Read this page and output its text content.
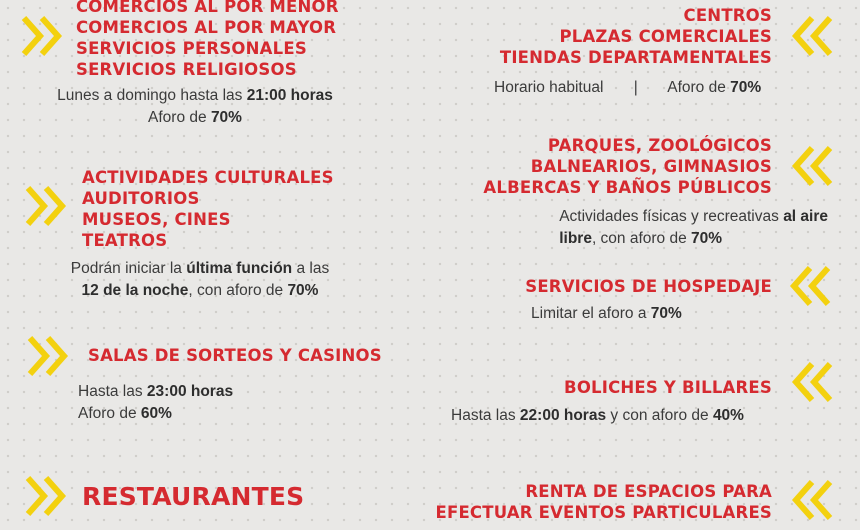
COMERCIOS AL POR MENOR
COMERCIOS AL POR MAYOR
SERVICIOS PERSONALES
SERVICIOS RELIGIOSOS
Lunes a domingo hasta las 21:00 horas
Aforo de 70%
ACTIVIDADES CULTURALES
AUDITORIOS
MUSEOS, CINES
TEATROS
Podrán iniciar la última función a las
12 de la noche, con aforo de 70%
SALAS DE SORTEOS Y CASINOS
Hasta las 23:00 horas
Aforo de 60%
RESTAURANTES
CENTROS
PLAZAS COMERCIALES
TIENDAS DEPARTAMENTALES
Horario habitual | Aforo de 70%
PARQUES, ZOOLÓGICOS
BALNEARIOS, GIMNASIOS
ALBERCAS Y BAÑOS PÚBLICOS
Actividades físicas y recreativas al aire
libre, con aforo de 70%
SERVICIOS DE HOSPEDAJE
Limitar el aforo a 70%
BOLICHES Y BILLARES
Hasta las 22:00 horas y con aforo de 40%
RENTA DE ESPACIOS PARA
EFECTUAR EVENTOS PARTICULARES
